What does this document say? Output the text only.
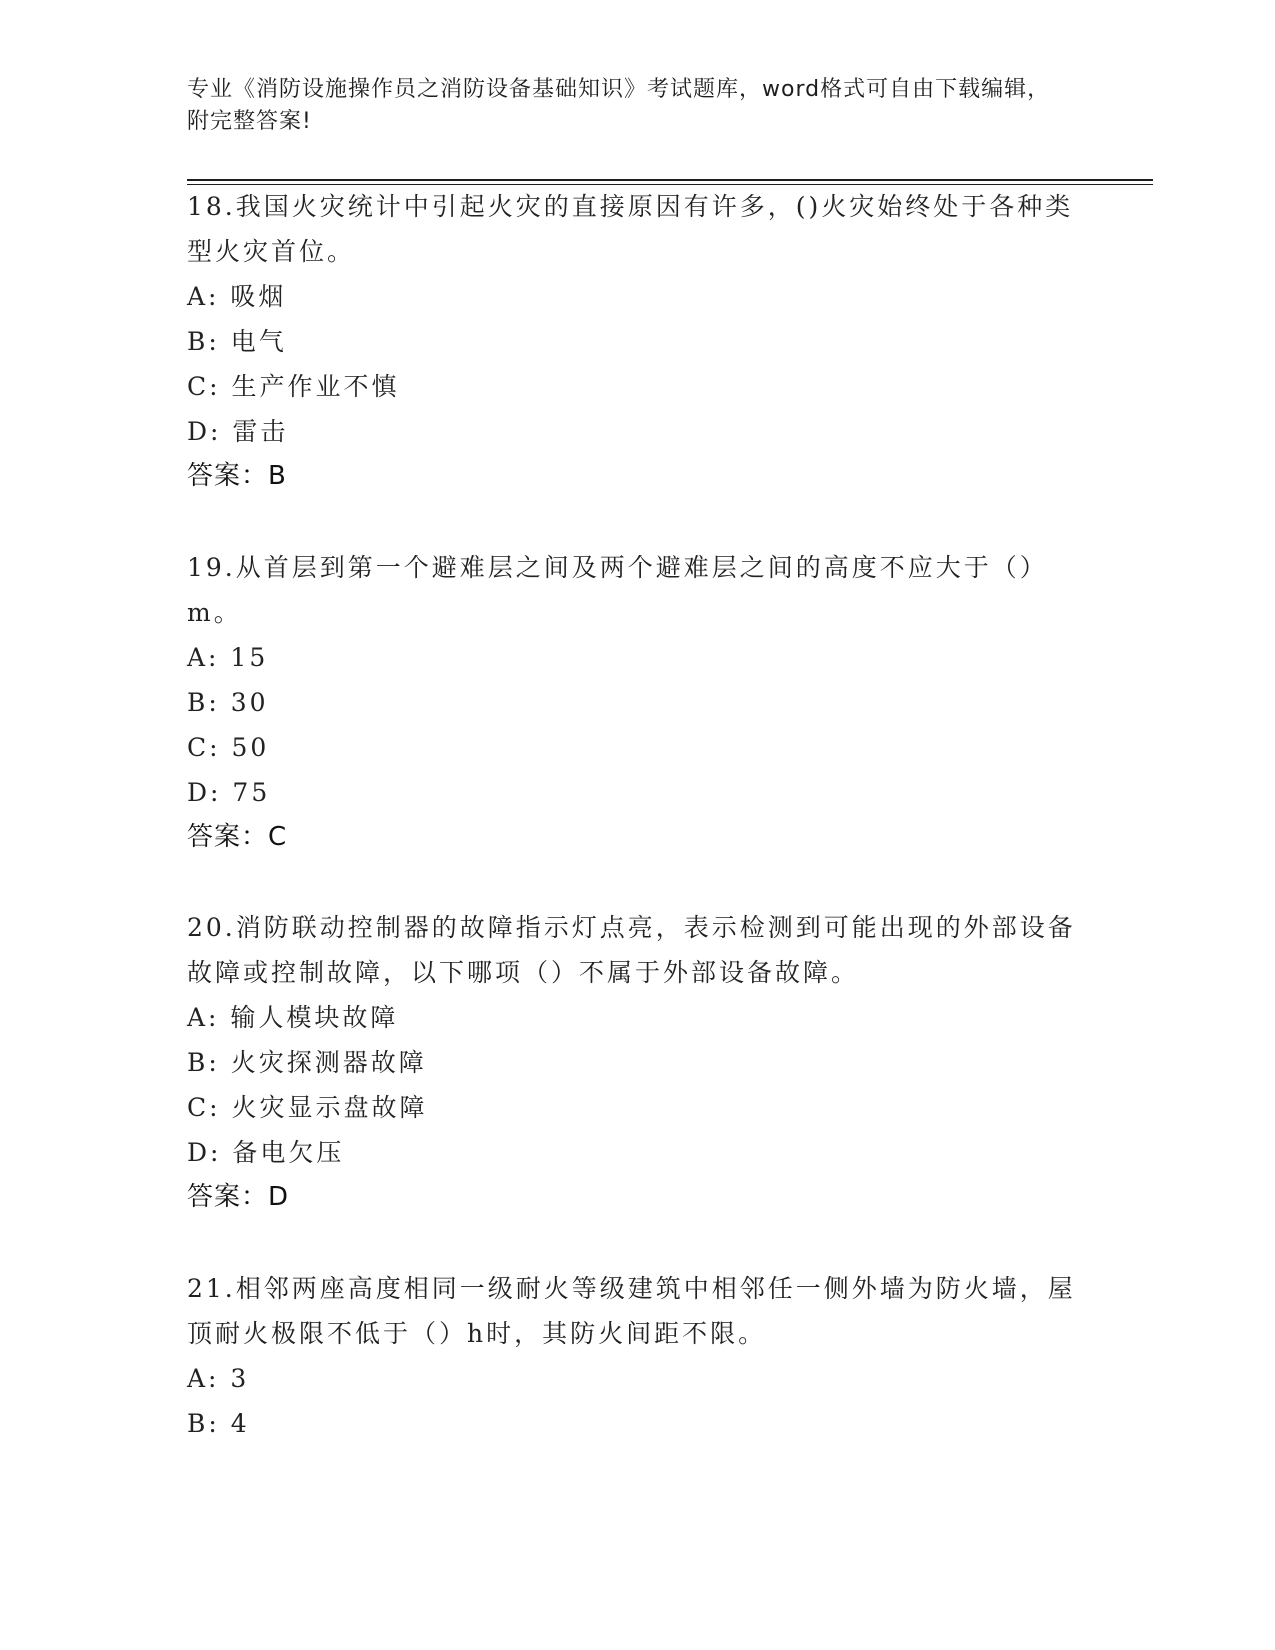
专业《消防设施操作员之消防设备基础知识》考试题库，word格式可自由下载编辑，附完整答案!
18.我国火灾统计中引起火灾的直接原因有许多，()火灾始终处于各种类型火灾首位。
A: 吸烟
B: 电气
C: 生产作业不慎
D: 雷击
答案：B
19.从首层到第一个避难层之间及两个避难层之间的高度不应大于（）m。
A: 15
B: 30
C: 50
D: 75
答案：C
20.消防联动控制器的故障指示灯点亮，表示检测到可能出现的外部设备故障或控制故障，以下哪项（）不属于外部设备故障。
A: 输人模块故障
B: 火灾探测器故障
C: 火灾显示盘故障
D: 备电欠压
答案：D
21.相邻两座高度相同一级耐火等级建筑中相邻任一侧外墙为防火墙，屋顶耐火极限不低于（）h时，其防火间距不限。
A: 3
B: 4
